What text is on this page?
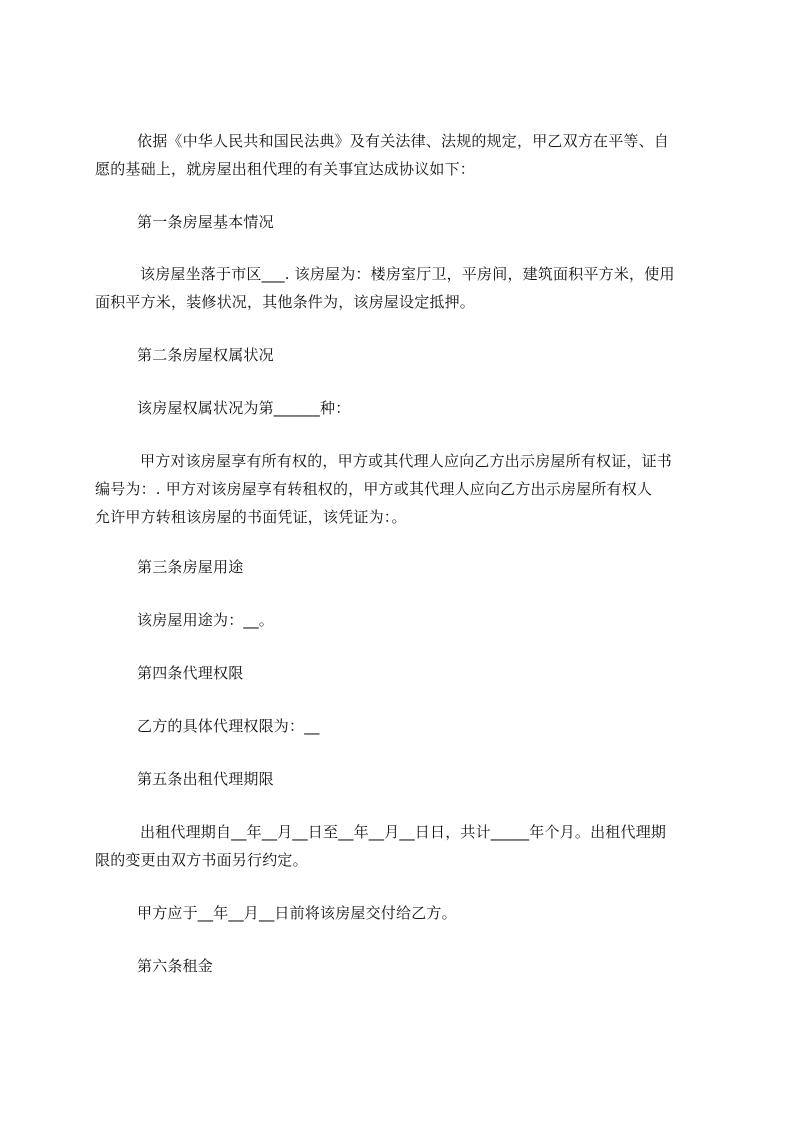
依据《中华人民共和国民法典》及有关法律、法规的规定，甲乙双方在平等、自
愿的基础上，就房屋出租代理的有关事宜达成协议如下：
第一条房屋基本情况
该房屋坐落于市区___. 该房屋为：楼房室厅卫，平房间，建筑面积平方米，使用
面积平方米，装修状况，其他条件为，该房屋设定抵押。
第二条房屋权属状况
该房屋权属状况为第______种：
甲方对该房屋享有所有权的，甲方或其代理人应向乙方出示房屋所有权证，证书
编号为：. 甲方对该房屋享有转租权的，甲方或其代理人应向乙方出示房屋所有权人
允许甲方转租该房屋的书面凭证，该凭证为：。
第三条房屋用途
该房屋用途为：__。
第四条代理权限
乙方的具体代理权限为：__
第五条出租代理期限
出租代理期自__年__月__日至__年__月__日日，共计_____年个月。出租代理期
限的变更由双方书面另行约定。
甲方应于__年__月__日前将该房屋交付给乙方。
第六条租金
